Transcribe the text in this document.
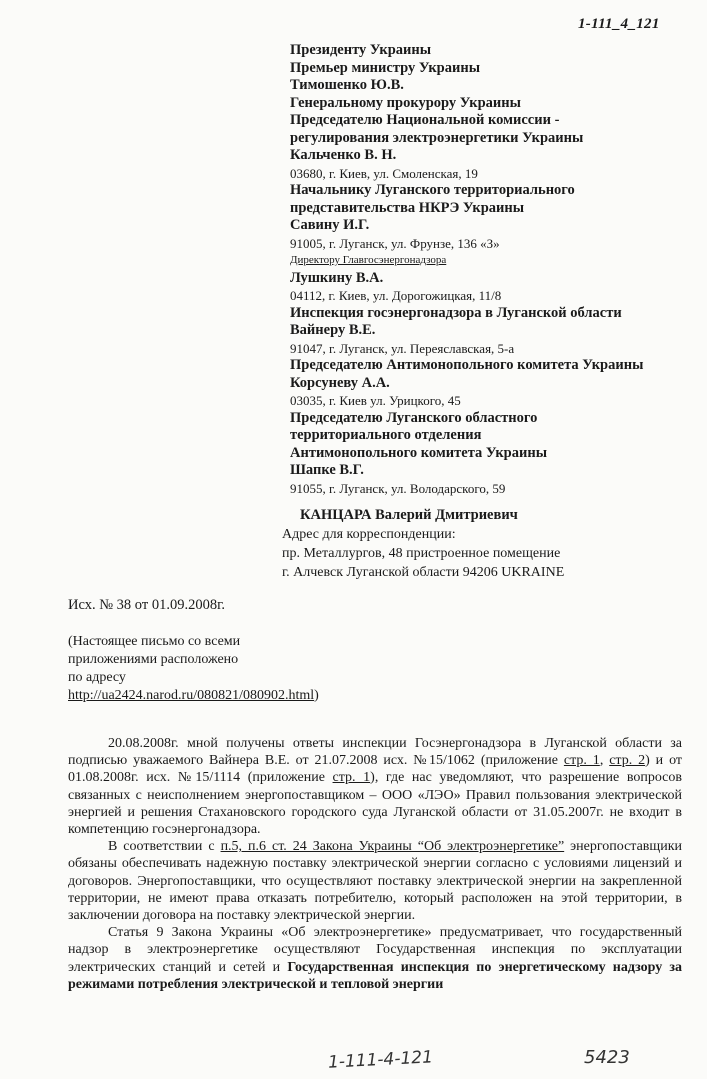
1-111_4_121
Президенту Украины
Премьер министру Украины
Тимошенко Ю.В.
Генеральному прокурору Украины
Председателю Национальной комиссии -
регулирования электроэнергетики Украины
Кальченко В. Н.
03680, г. Киев, ул. Смоленская, 19
Начальнику Луганского территориального
представительства НКРЭ Украины
Савину И.Г.
91005, г. Луганск, ул. Фрунзе, 136 «З»
Директору Главгосэнергонадзора
Лушкину В.А.
04112, г. Киев, ул. Дорогожицкая, 11/8
Инспекция госэнергонадзора в Луганской области
Вайнеру В.Е.
91047, г. Луганск, ул. Переяславская, 5-а
Председателю Антимонопольного комитета Украины
Корсуневу А.А.
03035, г. Киев ул. Урицкого, 45
Председателю Луганского областного
территориального отделения
Антимонопольного комитета Украины
Шапке В.Г.
91055, г. Луганск, ул. Володарского, 59
КАНЦАРА Валерий Дмитриевич
Адрес для корреспонденции:
пр. Металлургов, 48 пристроенное помещение
г. Алчевск Луганской области 94206 UKRAINE
Исх. № 38 от 01.09.2008г.
(Настоящее письмо со всеми
приложениями расположено
по адресу
http://ua2424.narod.ru/080821/080902.html)

20.08.2008г. мной получены ответы инспекции Госэнергонадзора в Луганской области за подписью уважаемого Вайнера В.Е. от 21.07.2008 исх. №15/1062 (приложение стр. 1, стр. 2) и от 01.08.2008г. исх. №15/1114 (приложение стр. 1), где нас уведомляют, что разрешение вопросов связанных с неисполнением энергопоставщиком – ООО «ЛЭО» Правил пользования электрической энергией и решения Стахановского городского суда Луганской области от 31.05.2007г. не входит в компетенцию госэнергонадзора.

В соответствии с п.5, п.6 ст. 24 Закона Украины “Об электроэнергетике” энергопоставщики обязаны обеспечивать надежную поставку электрической энергии согласно с условиями лицензий и договоров. Энергопоставщики, что осуществляют поставку электрической энергии на закрепленной территории, не имеют права отказать потребителю, который расположен на этой территории, в заключении договора на поставку электрической энергии.

Статья 9 Закона Украины «Об электроэнергетике» предусматривает, что государственный надзор в электроэнергетике осуществляют Государственная инспекция по эксплуатации электрических станций и сетей и Государственная инспекция по энергетическому надзору за режимами потребления электрической и тепловой энергии

1-111-4-121	5423
